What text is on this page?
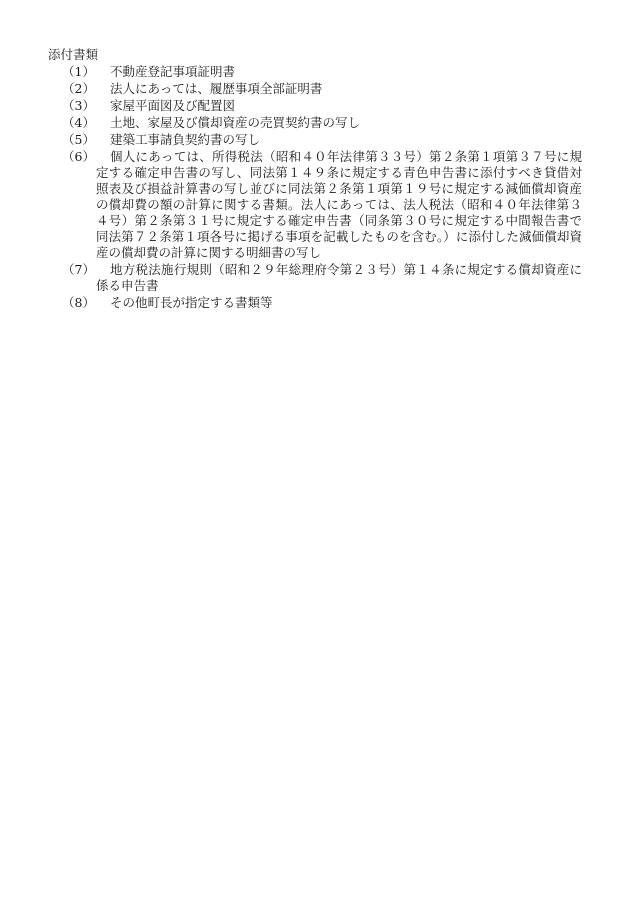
添付書類
（1）	不動産登記事項証明書
（2）	法人にあっては、履歴事項全部証明書
（3）	家屋平面図及び配置図
（4）	土地、家屋及び償却資産の売買契約書の写し
（5）	建築工事請負契約書の写し
（6）	個人にあっては、所得税法（昭和４０年法律第３３号）第２条第１項第３７号に規定する確定申告書の写し、同法第１４９条に規定する青色申告書に添付すべき貸借対照表及び損益計算書の写し並びに同法第２条第１項第１９号に規定する減価償却資産の償却費の額の計算に関する書類。法人にあっては、法人税法（昭和４０年法律第３４号）第２条第３１号に規定する確定申告書（同条第３０号に規定する中間報告書で同法第７２条第１項各号に掲げる事項を記載したものを含む。）に添付した減価償却資産の償却費の計算に関する明細書の写し
（7）	地方税法施行規則（昭和２９年総理府令第２３号）第１４条に規定する償却資産に係る申告書
（8）	その他町長が指定する書類等
